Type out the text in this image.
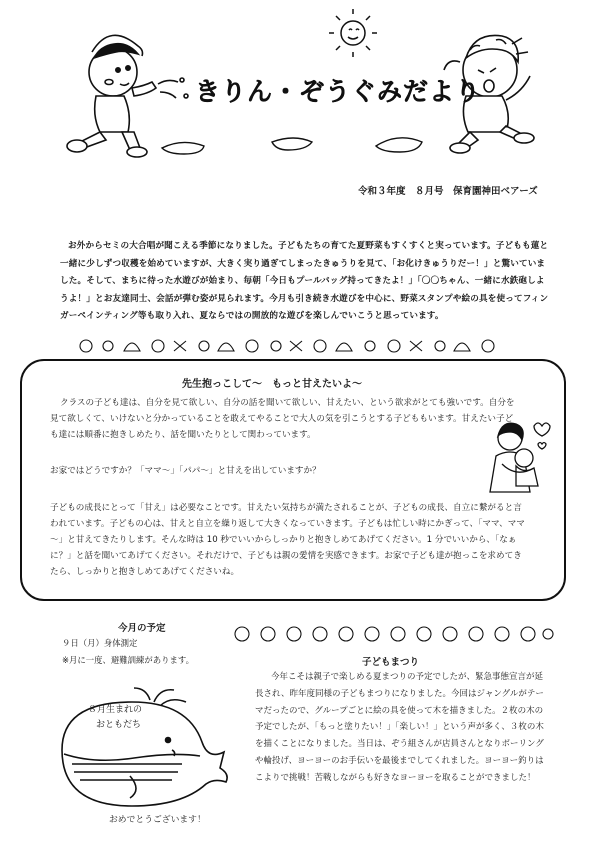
きりん・ぞうぐみだより
令和３年度　８月号　保育園神田ベアーズ
お外からセミの大合唱が聞こえる季節になりました。子どもたちの育てた夏野菜もすくすくと実っています。子どもも蓮と一緒に少しずつ収穫を始めていますが、大きく実り過ぎてしまったきゅうりを見て、「お化けきゅうりだー！」と驚いていました。そして、まちに待った水遊びが始まり、毎朝「今日もプールバッグ持ってきたよ！」「〇〇ちゃん、一緒に水鉄砲しようよ！」とお友達同士、会話が弾む姿が見られます。今月も引き続き水遊びを中心に、野菜スタンプや絵の具を使ってフィンガーペインティング等も取り入れ、夏ならではの開放的な遊びを楽しんでいこうと思っています。
先生抱っこして～　もっと甘えたいよ～
クラスの子ども達は、自分を見て欲しい、自分の話を聞いて欲しい、甘えたい、という欲求がとても強いです。自分を見て欲しくて、いけないと分かっていることを敢えてやることで大人の気を引こうとする子どももいます。甘えたい子ども達には順番に抱きしめたり、話を聞いたりとして関わっています。
お家ではどうですか？「ママ～」「パパ～」と甘えを出していますか？
子どもの成長にとって「甘え」は必要なことです。甘えたい気持ちが満たされることが、子どもの成長、自立に繋がると言われています。子どもの心は、甘えと自立を繰り返して大きくなっていきます。子どもは忙しい時にかぎって、「ママ、ママ～」と甘えてきたりします。そんな時は 10 秒でいいからしっかりと抱きしめてあげてください。1 分でいいから、「なぁに？」と話を聞いてあげてください。それだけで、子どもは親の愛情を実感できます。お家で子ども達が抱っこを求めてきたら、しっかりと抱きしめてあげてくださいね。
今月の予定
９日（月）身体測定
※月に一度、避難訓練があります。
８月生まれの
おともだち
おめでとうございます！
子どもまつり
今年こそは親子で楽しめる夏まつりの予定でしたが、緊急事態宣言が延長され、昨年度同様の子どもまつりになりました。今回はジャングルがテーマだったので、グループごとに絵の具を使って木を描きました。２枚の木の予定でしたが、「もっと塗りたい！」「楽しい！」という声が多く、３枚の木を描くことになりました。当日は、ぞう組さんが店員さんとなりボーリングや輪投げ、ヨーヨーのお手伝いを最後までしてくれました。ヨーヨー釣りはこよりで挑戦！苦戦しながらも好きなヨーヨーを取ることができました！
